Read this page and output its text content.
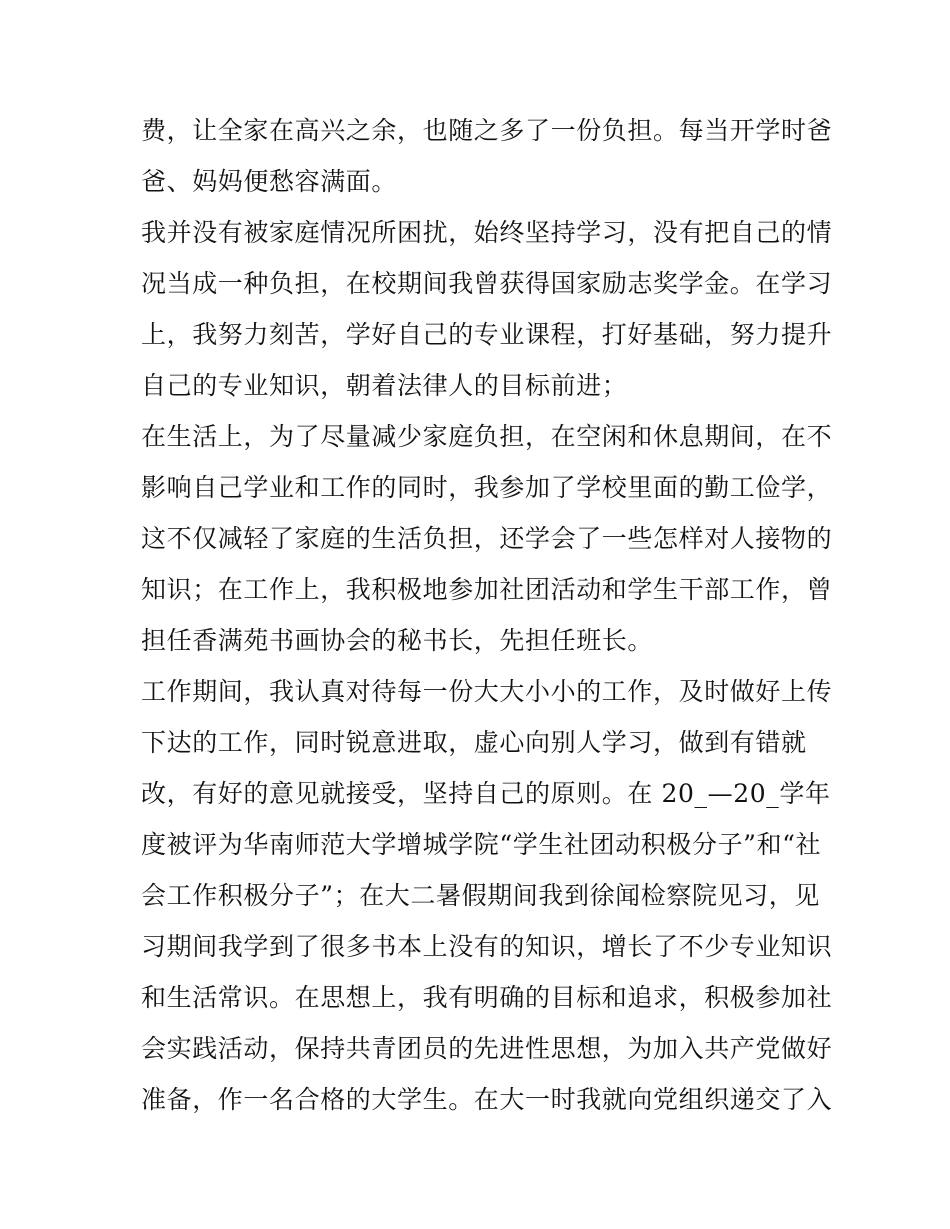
费，让全家在高兴之余，也随之多了一份负担。每当开学时爸
爸、妈妈便愁容满面。
我并没有被家庭情况所困扰，始终坚持学习，没有把自己的情
况当成一种负担，在校期间我曾获得国家励志奖学金。在学习
上，我努力刻苦，学好自己的专业课程，打好基础，努力提升
自己的专业知识，朝着法律人的目标前进；
在生活上，为了尽量减少家庭负担，在空闲和休息期间，在不
影响自己学业和工作的同时，我参加了学校里面的勤工俭学，
这不仅减轻了家庭的生活负担，还学会了一些怎样对人接物的
知识；在工作上，我积极地参加社团活动和学生干部工作，曾
担任香满苑书画协会的秘书长，先担任班长。
工作期间，我认真对待每一份大大小小的工作，及时做好上传
下达的工作，同时锐意进取，虚心向别人学习，做到有错就
改，有好的意见就接受，坚持自己的原则。在 20_—20_学年
度被评为华南师范大学增城学院“学生社团动积极分子”和“社
会工作积极分子”；在大二暑假期间我到徐闻检察院见习，见
习期间我学到了很多书本上没有的知识，增长了不少专业知识
和生活常识。在思想上，我有明确的目标和追求，积极参加社
会实践活动，保持共青团员的先进性思想，为加入共产党做好
准备，作一名合格的大学生。在大一时我就向党组织递交了入
